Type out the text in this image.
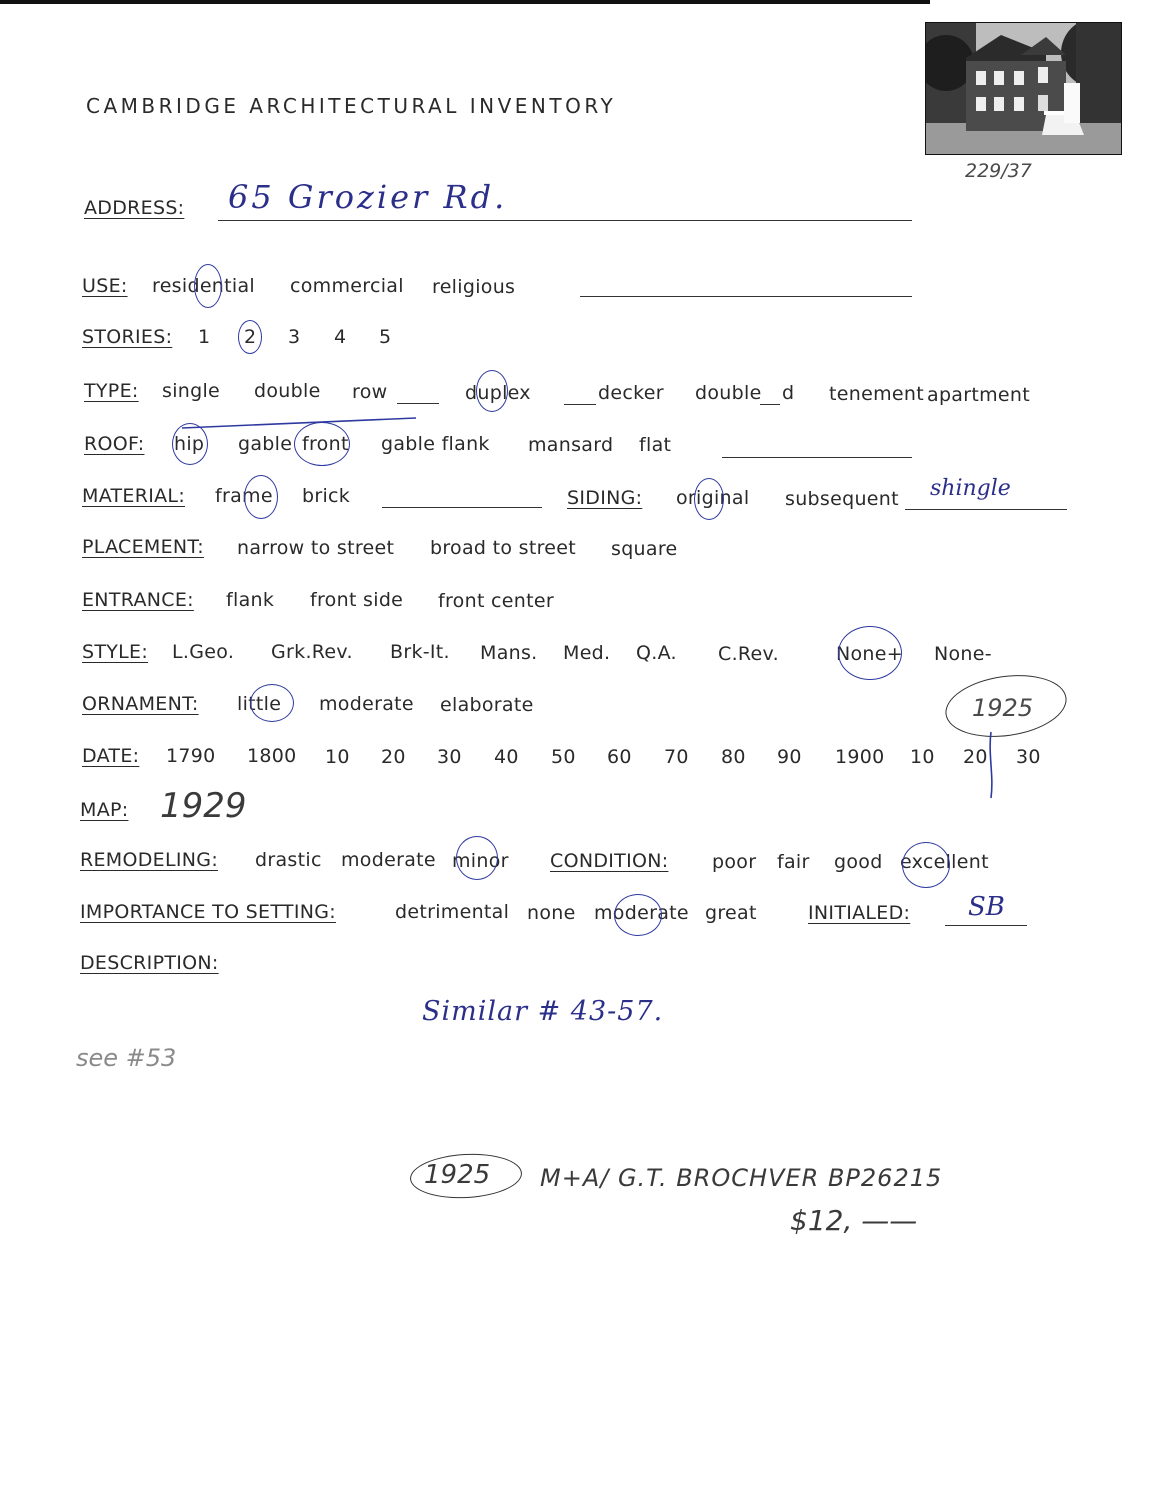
229/37
CAMBRIDGE ARCHITECTURAL INVENTORY
ADDRESS: 65 Grozier Rd.
USE: residential commercial religious
STORIES: 1 2 3 4 5
TYPE: single double row	duplex	decker double d tenement apartment
ROOF: hip gable front gable flank mansard flat
MATERIAL: frame brick	SIDING: original subsequent shingle
PLACEMENT: narrow to street broad to street square
ENTRANCE: flank front side front center
STYLE: L.Geo. Grk.Rev. Brk-It. Mans. Med. Q.A. C.Rev.	None+ None-
ORNAMENT: little moderate elaborate	1925
DATE: 1790 1800 10 20 30 40 50 60 70 80 90 1900 10 20 30
MAP: 1929
REMODELING: drastic moderate minor CONDITION: poor fair good excellent
IMPORTANCE TO SETTING:	detrimental none moderate great	INITIALED: SB
DESCRIPTION:
Similar # 43-57.
see #53
1925 M+A/ G.T. BROCHVER BP26215
$12, ——
